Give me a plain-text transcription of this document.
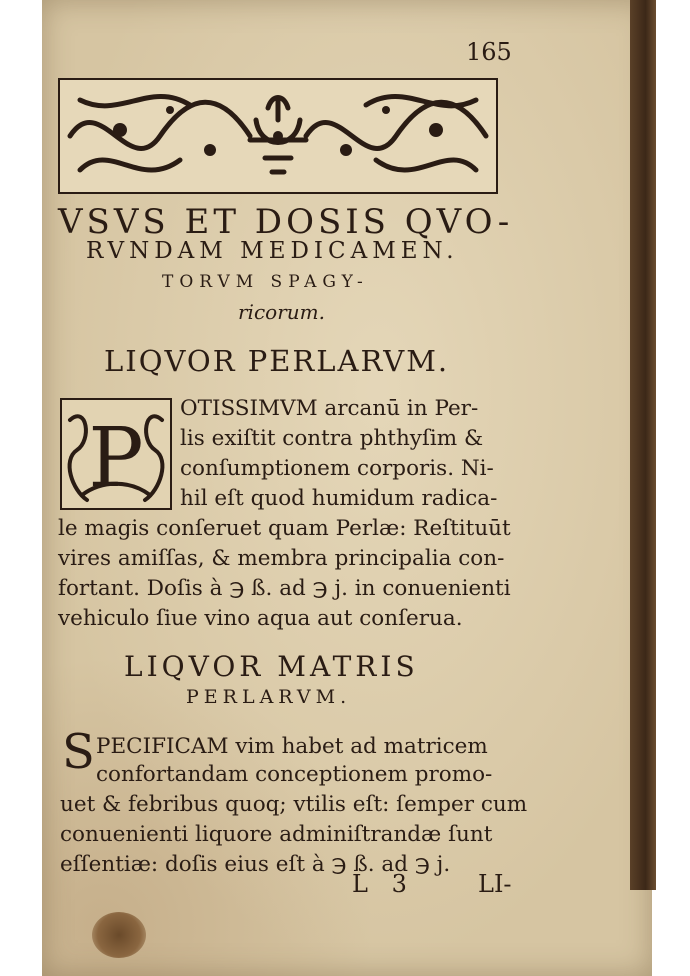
165
VSVS ET DOSIS QVO-
RVNDAM MEDICAMEN.
TORVM SPAGY-
ricorum.
LIQVOR PERLARVM.
P
OTISSIMVM arcanū in Per-
lis exiſtit contra phthyſim &
conſumptionem corporis. Ni-
hil eſt quod humidum radica-
le magis conſeruet quam Perlæ: Reſtituūt
vires amiſſas, & membra principalia con-
fortant. Doſis à ℈ ß. ad ℈ j. in conuenienti
vehiculo ſiue vino aqua aut conſerua.
LIQVOR MATRIS
PERLARVM.
S PECIFICAM vim habet ad matricem
confortandam conceptionem promo-
uet & febribus quoq; vtilis eſt: ſemper cum
conuenienti liquore adminiſtrandæ ſunt
eſſentiæ: doſis eius eſt à ℈ ß. ad ℈ j.
L 3	LI-
